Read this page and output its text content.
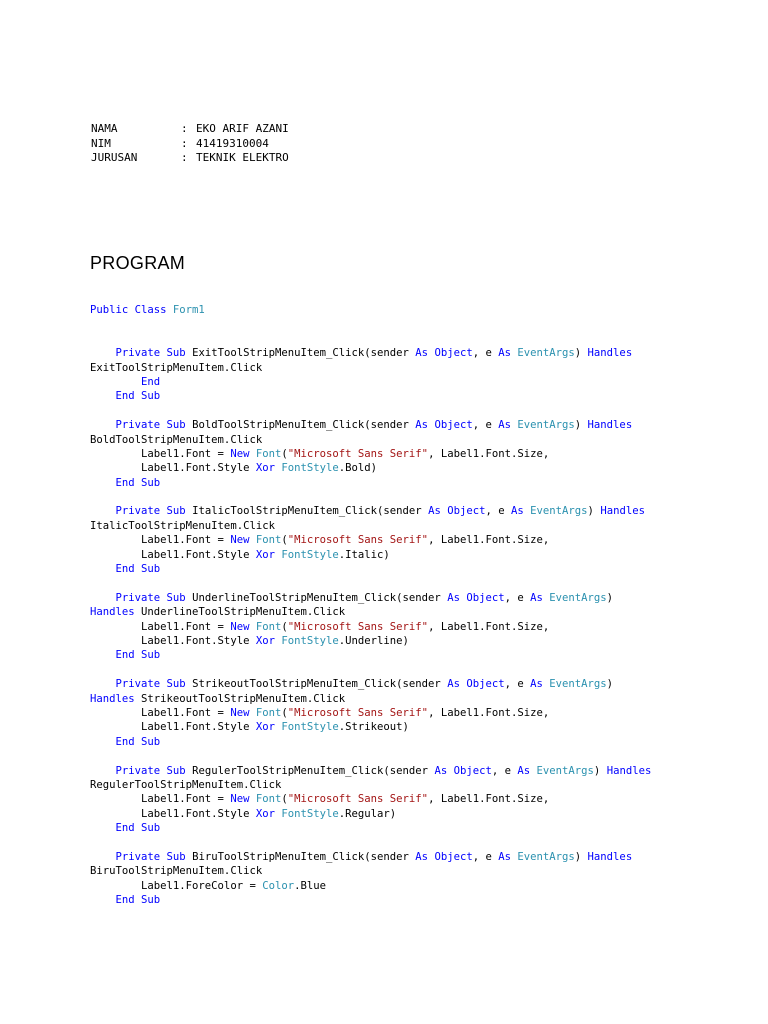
NAMA	: EKO ARIF AZANI
NIM	: 41419310004
JURUSAN	: TEKNIK ELEKTRO
PROGRAM
Public Class Form1
Private Sub ExitToolStripMenuItem_Click(sender As Object, e As EventArgs) Handles
ExitToolStripMenuItem.Click
End
End Sub
Private Sub BoldToolStripMenuItem_Click(sender As Object, e As EventArgs) Handles
BoldToolStripMenuItem.Click
Label1.Font = New Font("Microsoft Sans Serif", Label1.Font.Size,
Label1.Font.Style Xor FontStyle.Bold)
End Sub
Private Sub ItalicToolStripMenuItem_Click(sender As Object, e As EventArgs) Handles
ItalicToolStripMenuItem.Click
Label1.Font = New Font("Microsoft Sans Serif", Label1.Font.Size,
Label1.Font.Style Xor FontStyle.Italic)
End Sub
Private Sub UnderlineToolStripMenuItem_Click(sender As Object, e As EventArgs)
Handles UnderlineToolStripMenuItem.Click
Label1.Font = New Font("Microsoft Sans Serif", Label1.Font.Size,
Label1.Font.Style Xor FontStyle.Underline)
End Sub
Private Sub StrikeoutToolStripMenuItem_Click(sender As Object, e As EventArgs)
Handles StrikeoutToolStripMenuItem.Click
Label1.Font = New Font("Microsoft Sans Serif", Label1.Font.Size,
Label1.Font.Style Xor FontStyle.Strikeout)
End Sub
Private Sub RegulerToolStripMenuItem_Click(sender As Object, e As EventArgs) Handles
RegulerToolStripMenuItem.Click
Label1.Font = New Font("Microsoft Sans Serif", Label1.Font.Size,
Label1.Font.Style Xor FontStyle.Regular)
End Sub
Private Sub BiruToolStripMenuItem_Click(sender As Object, e As EventArgs) Handles
BiruToolStripMenuItem.Click
Label1.ForeColor = Color.Blue
End Sub
